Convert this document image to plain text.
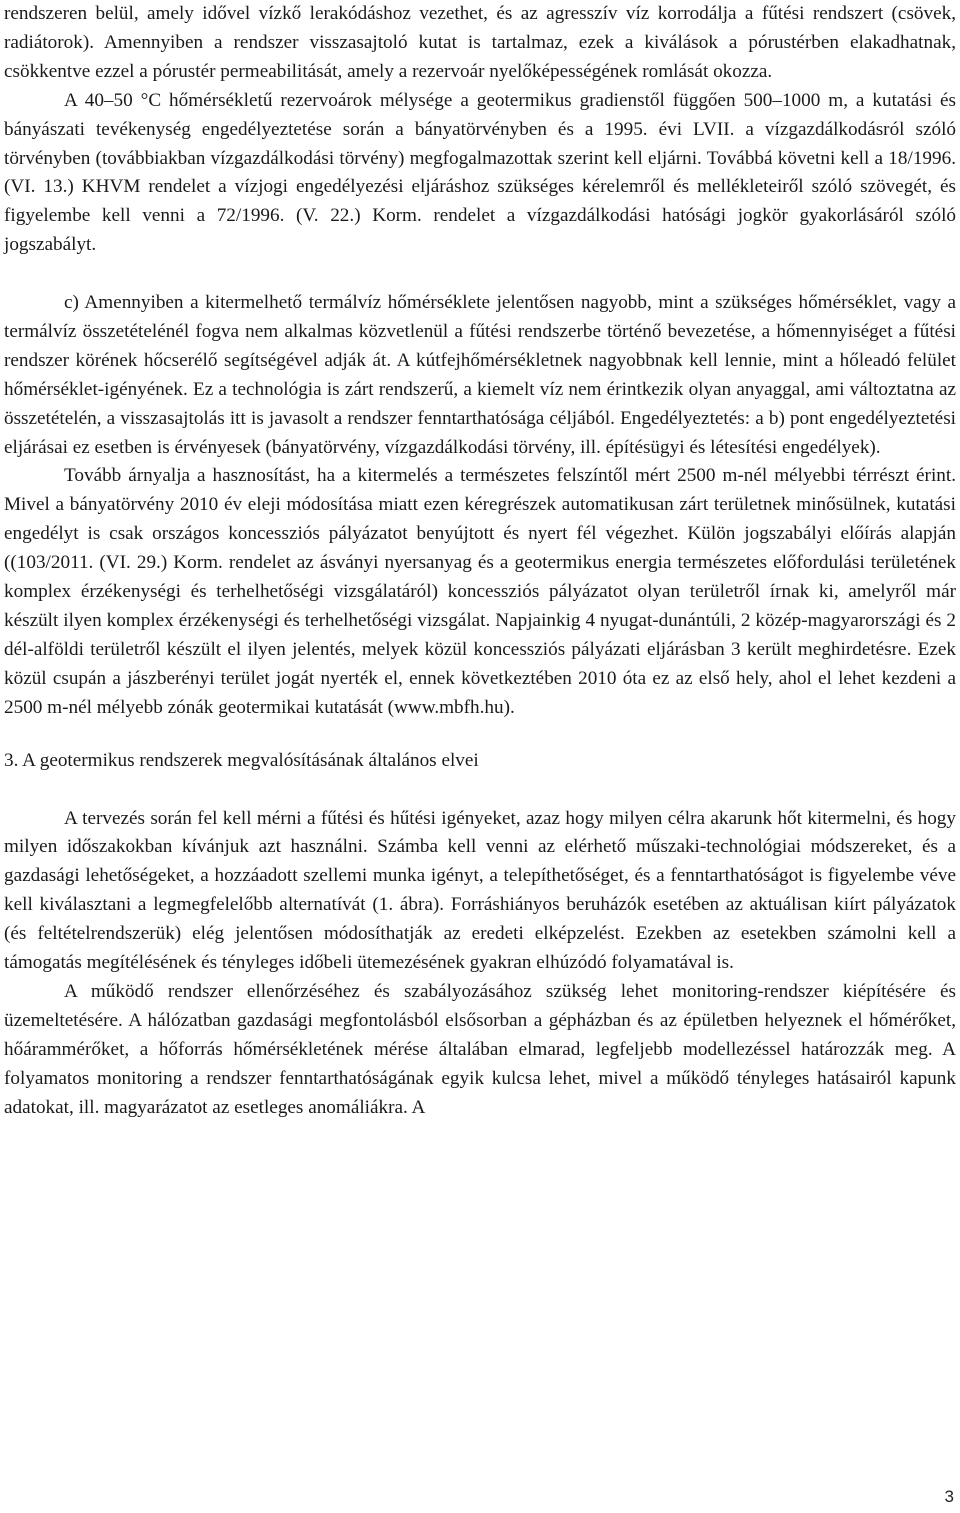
rendszeren belül, amely idővel vízkő lerakódáshoz vezethet, és az agresszív víz korrodálja a fűtési rendszert (csövek, radiátorok). Amennyiben a rendszer visszasajtoló kutat is tartalmaz, ezek a kiválások a pórustérben elakadhatnak, csökkentve ezzel a pórustér permeabilitását, amely a rezervoár nyelőképességének romlását okozza.

A 40–50 °C hőmérsékletű rezervoárok mélysége a geotermikus gradienstől függően 500–1000 m, a kutatási és bányászati tevékenység engedélyeztetése során a bányatörvényben és a 1995. évi LVII. a vízgazdálkodásról szóló törvényben (továbbiakban vízgazdálkodási törvény) megfogalmazottak szerint kell eljárni. Továbbá követni kell a 18/1996. (VI. 13.) KHVM rendelet a vízjogi engedélyezési eljáráshoz szükséges kérelemről és mellékleteiről szóló szövegét, és figyelembe kell venni a 72/1996. (V. 22.) Korm. rendelet a vízgazdálkodási hatósági jogkör gyakorlásáról szóló jogszabályt.

c) Amennyiben a kitermelhető termálvíz hőmérséklete jelentősen nagyobb, mint a szükséges hőmérséklet, vagy a termálvíz összetételénél fogva nem alkalmas közvetlenül a fűtési rendszerbe történő bevezetése, a hőmennyiséget a fűtési rendszer körének hőcserélő segítségével adják át. A kútfejhőmérsékletnek nagyobbnak kell lennie, mint a hőleadó felület hőmérséklet-igényének. Ez a technológia is zárt rendszerű, a kiemelt víz nem érintkezik olyan anyaggal, ami változtatna az összetételén, a visszasajtolás itt is javasolt a rendszer fenntarthatósága céljából. Engedélyeztetés: a b) pont engedélyeztetési eljárásai ez esetben is érvényesek (bányatörvény, vízgazdálkodási törvény, ill. építésügyi és létesítési engedélyek).

Tovább árnyalja a hasznosítást, ha a kitermelés a természetes felszíntől mért 2500 m-nél mélyebbi térrészt érint. Mivel a bányatörvény 2010 év eleji módosítása miatt ezen kéregrészek automatikusan zárt területnek minősülnek, kutatási engedélyt is csak országos koncessziós pályázatot benyújtott és nyert fél végezhet. Külön jogszabályi előírás alapján ((103/2011. (VI. 29.) Korm. rendelet az ásványi nyersanyag és a geotermikus energia természetes előfordulási területének komplex érzékenységi és terhelhetőségi vizsgálatáról) koncessziós pályázatot olyan területről írnak ki, amelyről már készült ilyen komplex érzékenységi és terhelhetőségi vizsgálat. Napjainkig 4 nyugat-dunántúli, 2 közép-magyarországi és 2 dél-alföldi területről készült el ilyen jelentés, melyek közül koncessziós pályázati eljárásban 3 került meghirdetésre. Ezek közül csupán a jászberényi terület jogát nyerték el, ennek következtében 2010 óta ez az első hely, ahol el lehet kezdeni a 2500 m-nél mélyebb zónák geotermikai kutatását (www.mbfh.hu).

3. A geotermikus rendszerek megvalósításának általános elvei

A tervezés során fel kell mérni a fűtési és hűtési igényeket, azaz hogy milyen célra akarunk hőt kitermelni, és hogy milyen időszakokban kívánjuk azt használni. Számba kell venni az elérhető műszaki-technológiai módszereket, és a gazdasági lehetőségeket, a hozzáadott szellemi munka igényt, a telepíthetőséget, és a fenntarthatóságot is figyelembe véve kell kiválasztani a legmegfelelőbb alternatívát (1. ábra). Forráshiányos beruházók esetében az aktuálisan kiírt pályázatok (és feltételrendszerük) elég jelentősen módosíthatják az eredeti elképzelést. Ezekben az esetekben számolni kell a támogatás megítélésének és tényleges időbeli ütemezésének gyakran elhúzódó folyamatával is.

A működő rendszer ellenőrzéséhez és szabályozásához szükség lehet monitoring-rendszer kiépítésére és üzemeltetésére. A hálózatban gazdasági megfontolásból elsősorban a gépházban és az épületben helyeznek el hőmérőket, hőárammérőket, a hőforrás hőmérsékletének mérése általában elmarad, legfeljebb modellezéssel határozzák meg. A folyamatos monitoring a rendszer fenntarthatóságának egyik kulcsa lehet, mivel a működő tényleges hatásairól kapunk adatokat, ill. magyarázatot az esetleges anomáliákra. A

3
